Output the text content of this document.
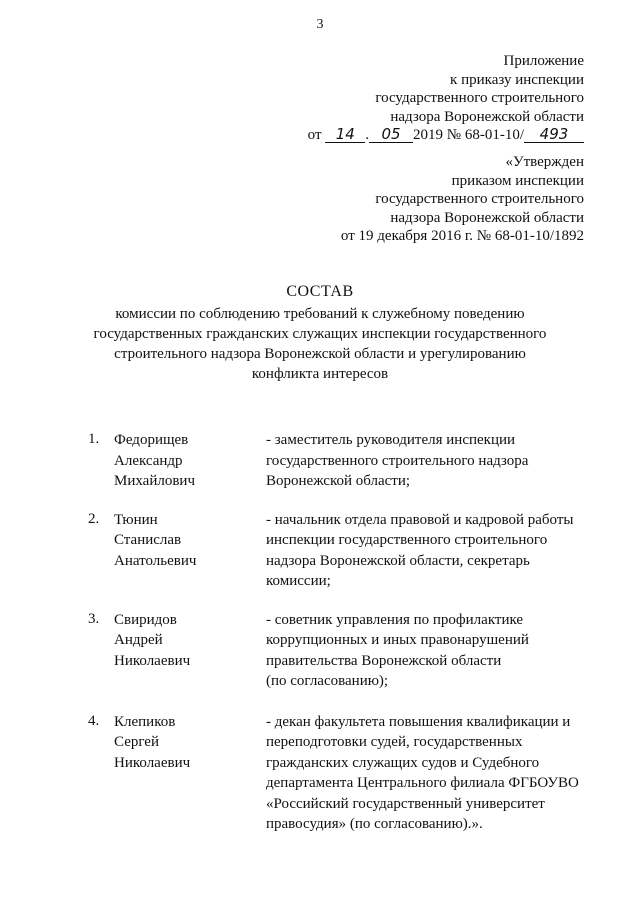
3
Приложение
к приказу инспекции
государственного строительного
надзора Воронежской области
от 14 . 05 2019 № 68-01-10/ 493
«Утвержден
приказом инспекции
государственного строительного
надзора Воронежской области
от 19 декабря 2016 г. № 68-01-10/1892
СОСТАВ
комиссии по соблюдению требований к служебному поведению
государственных гражданских служащих инспекции государственного
строительного надзора Воронежской области и урегулированию
конфликта интересов
1. Федорищев
Александр
Михайлович
- заместитель руководителя инспекции
государственного строительного надзора
Воронежской области;
2. Тюнин
Станислав
Анатольевич
- начальник отдела правовой и кадровой работы
инспекции государственного строительного
надзора Воронежской области, секретарь
комиссии;
3. Свиридов
Андрей
Николаевич
- советник управления по профилактике
коррупционных и иных правонарушений
правительства Воронежской области
(по согласованию);
4. Клепиков
Сергей
Николаевич
- декан факультета повышения квалификации и
переподготовки судей, государственных
гражданских служащих судов и Судебного
департамента Центрального филиала ФГБОУВО
«Российский государственный университет
правосудия» (по согласованию).».
